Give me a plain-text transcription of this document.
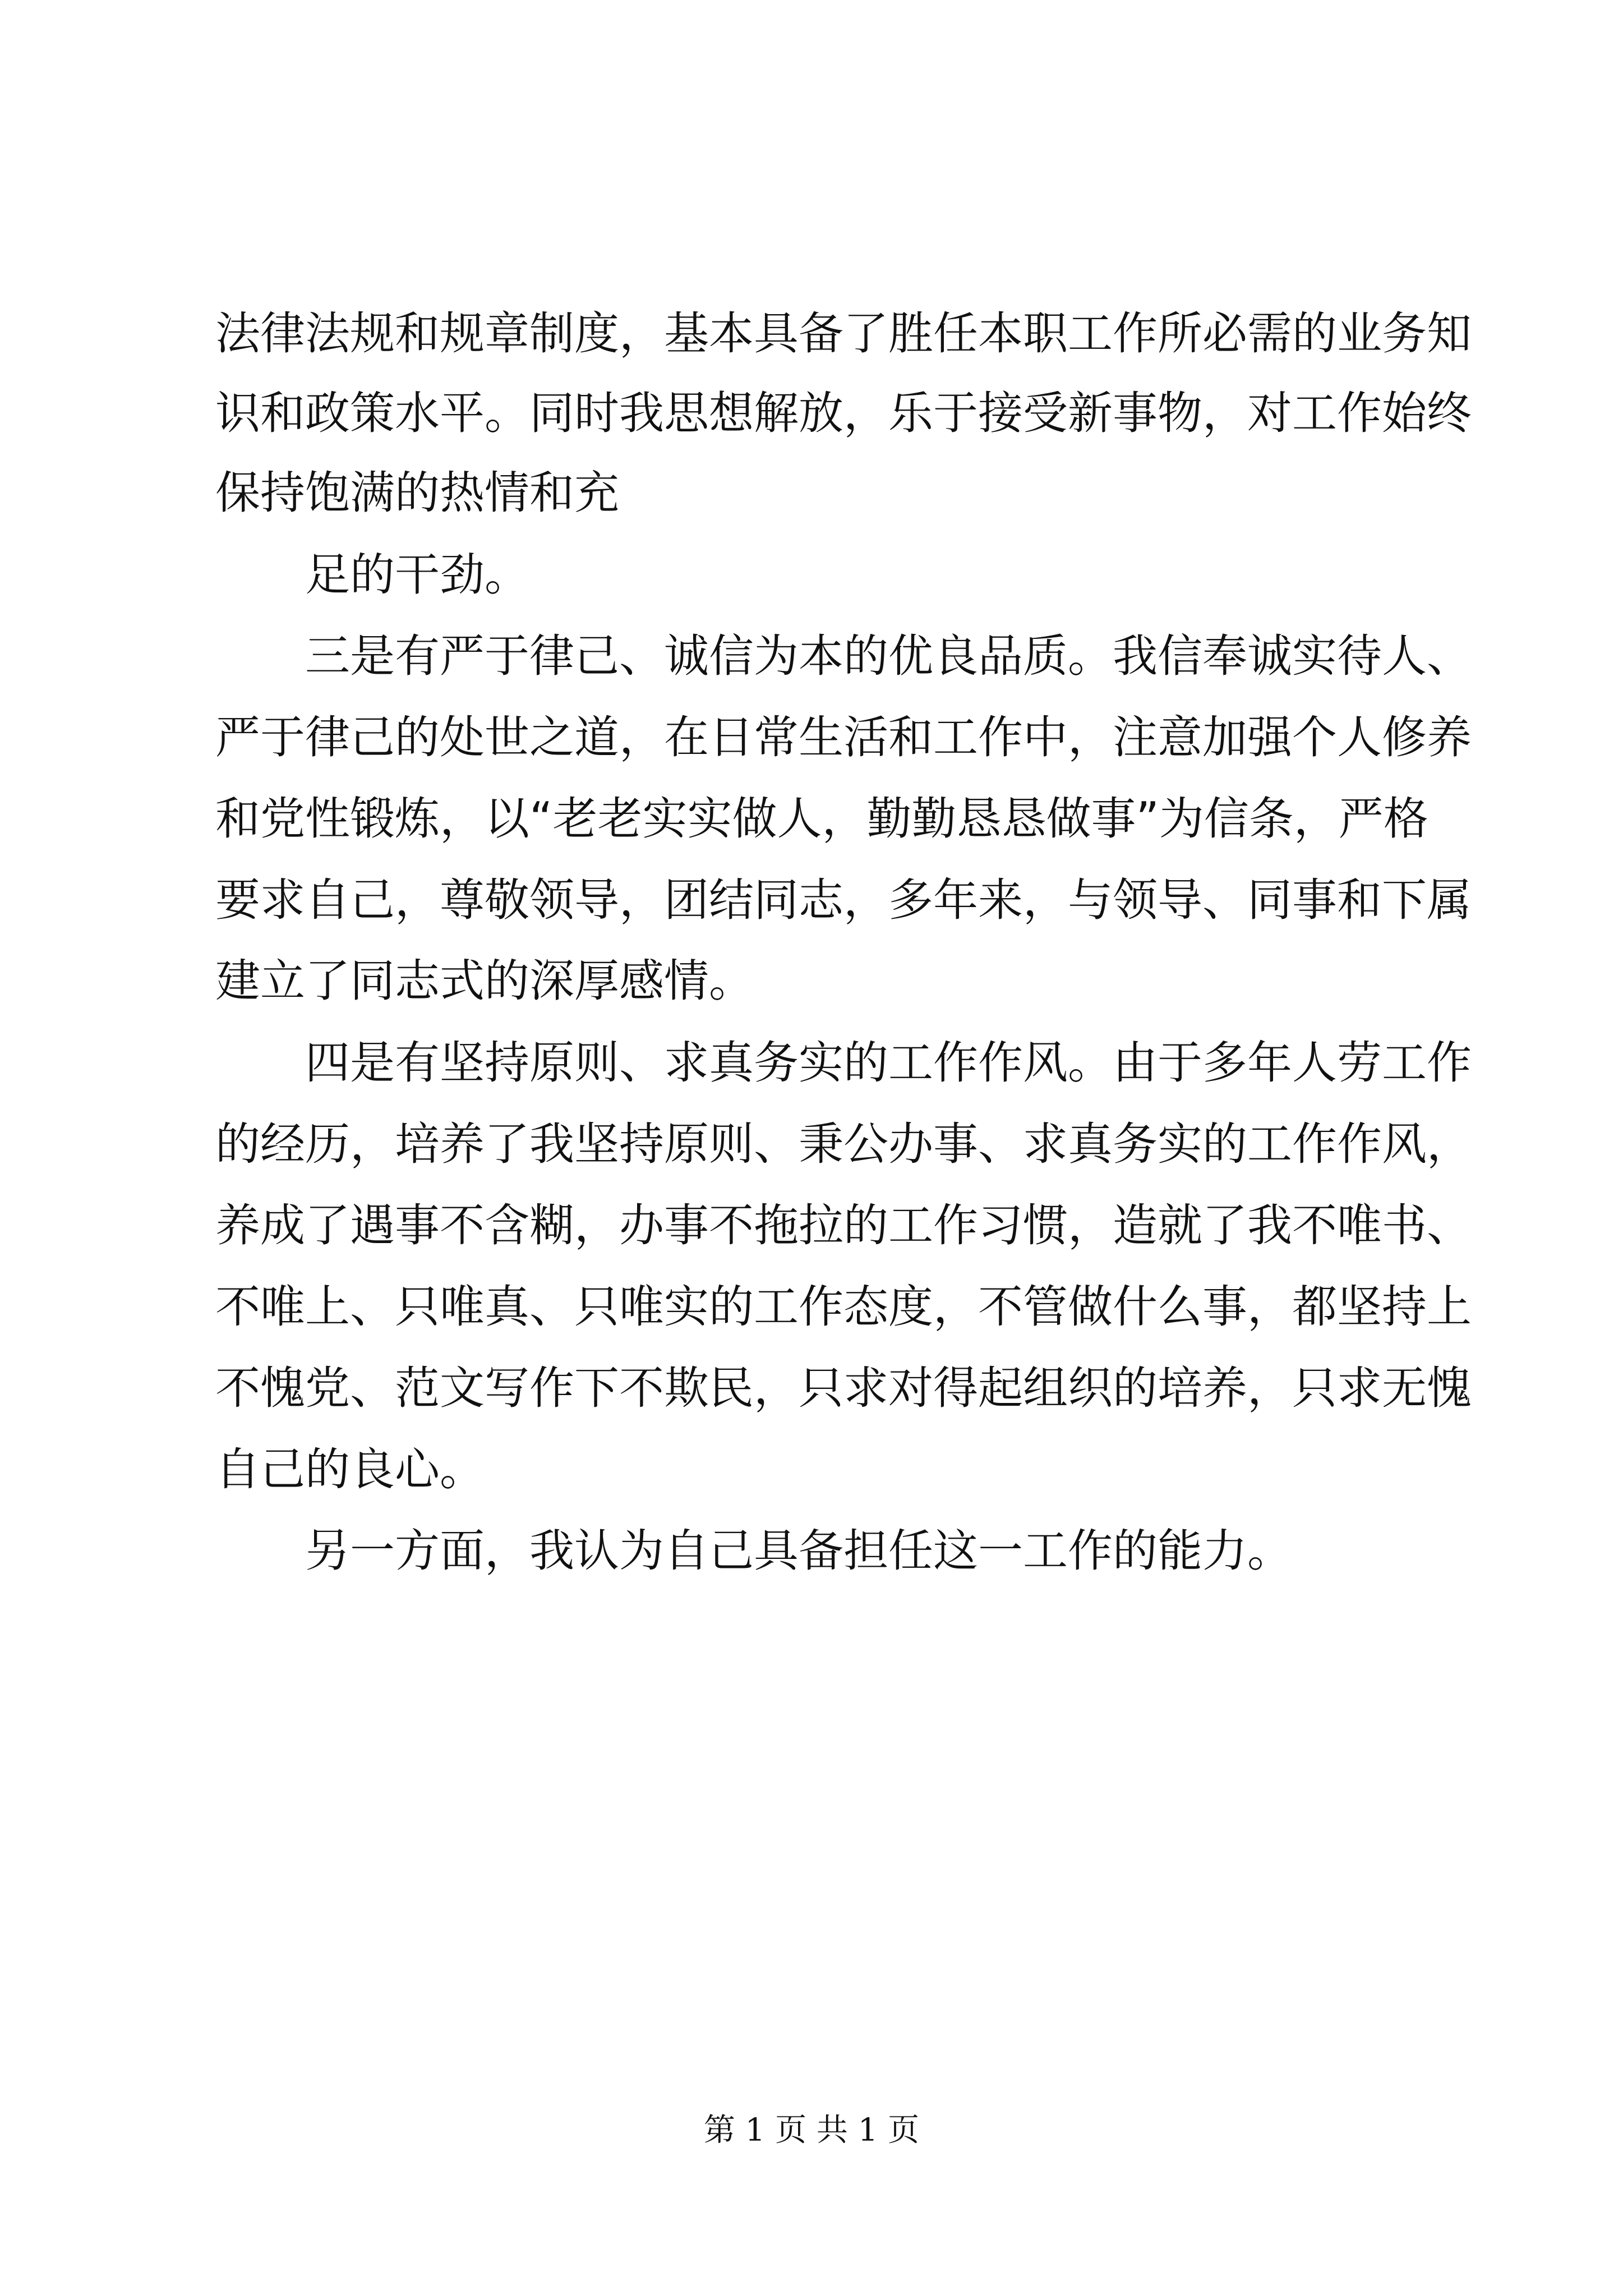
法律法规和规章制度，基本具备了胜任本职工作所必需的业务知
识和政策水平。同时我思想解放，乐于接受新事物，对工作始终
保持饱满的热情和充
足的干劲。
三是有严于律己、诚信为本的优良品质。我信奉诚实待人、
严于律己的处世之道，在日常生活和工作中，注意加强个人修养
和党性锻炼，以“老老实实做人，勤勤恳恳做事”为信条，严格
要求自己，尊敬领导，团结同志，多年来，与领导、同事和下属
建立了同志式的深厚感情。
四是有坚持原则、求真务实的工作作风。由于多年人劳工作
的经历，培养了我坚持原则、秉公办事、求真务实的工作作风，
养成了遇事不含糊，办事不拖拉的工作习惯，造就了我不唯书、
不唯上、只唯真、只唯实的工作态度，不管做什么事，都坚持上
不愧党、范文写作下不欺民，只求对得起组织的培养，只求无愧
自己的良心。
另一方面，我认为自己具备担任这一工作的能力。
第 1 页 共 1 页
